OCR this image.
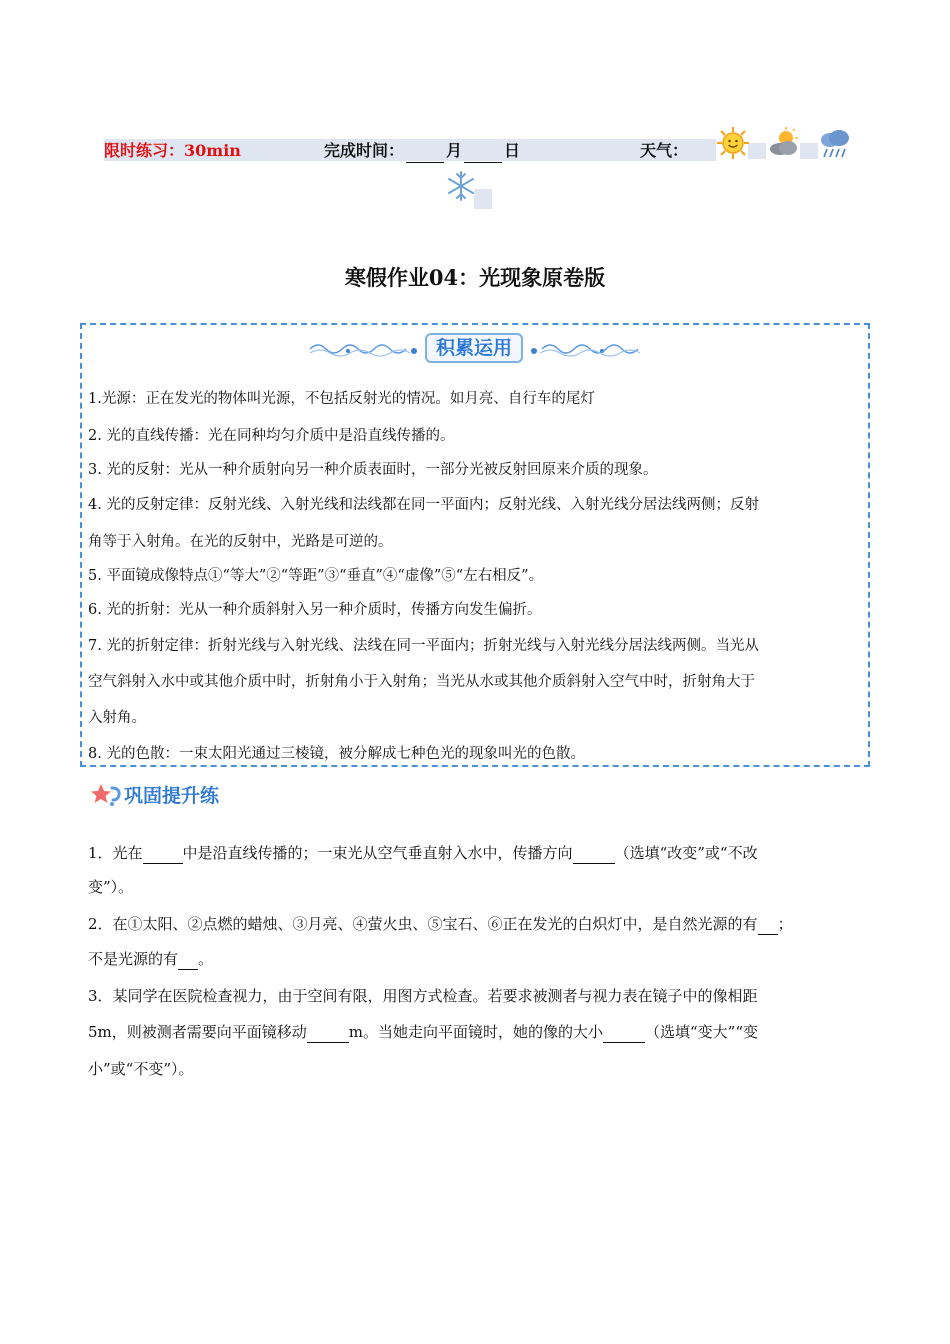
限时练习：30min	完成时间：	月	日	天气：
寒假作业04：光现象原卷版
积累运用
1.光源：正在发光的物体叫光源，不包括反射光的情况。如月亮、自行车的尾灯
2. 光的直线传播：光在同种均匀介质中是沿直线传播的。
3. 光的反射：光从一种介质射向另一种介质表面时，一部分光被反射回原来介质的现象。
4. 光的反射定律：反射光线、入射光线和法线都在同一平面内；反射光线、入射光线分居法线两侧；反射
角等于入射角。在光的反射中，光路是可逆的。
5. 平面镜成像特点①“等大”②“等距”③“垂直”④“虚像”⑤“左右相反”。
6. 光的折射：光从一种介质斜射入另一种介质时，传播方向发生偏折。
7. 光的折射定律：折射光线与入射光线、法线在同一平面内；折射光线与入射光线分居法线两侧。当光从
空气斜射入水中或其他介质中时，折射角小于入射角；当光从水或其他介质斜射入空气中时，折射角大于
入射角。
8. 光的色散：一束太阳光通过三棱镜，被分解成七种色光的现象叫光的色散。
巩固提升练
1．光在	中是沿直线传播的；一束光从空气垂直射入水中，传播方向	（选填“改变”或“不改
变”）。
2．在①太阳、②点燃的蜡烛、③月亮、④萤火虫、⑤宝石、⑥正在发光的白炽灯中，是自然光源的有 ；
不是光源的有 。
3．某同学在医院检查视力，由于空间有限，用图方式检查。若要求被测者与视力表在镜子中的像相距
5m，则被测者需要向平面镜移动	m。当她走向平面镜时，她的像的大小	（选填“变大”“变
小”或“不变”）。
